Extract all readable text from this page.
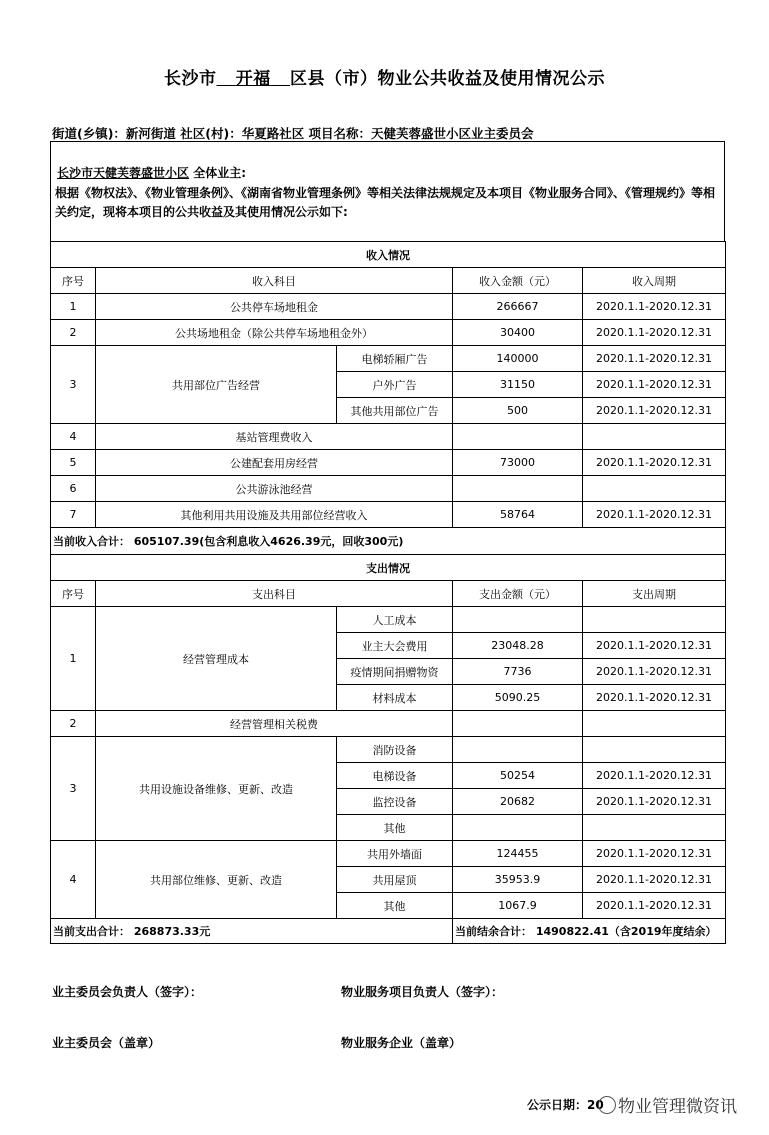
长沙市 开福 区县（市）物业公共收益及使用情况公示
街道(乡镇)：新河街道 社区(村)：华夏路社区 项目名称：天健芙蓉盛世小区业主委员会
长沙市天健芙蓉盛世小区 全体业主:
根据《物权法》、《物业管理条例》、《湖南省物业管理条例》等相关法律法规规定及本项目《物业服务合同》、《管理规约》等相关约定，现将本项目的公共收益及其使用情况公示如下:
收入情况				
序号	收入科目		收入金额（元）	收入周期
1	公共停车场地租金		266667	2020.1.1-2020.12.31
2	公共场地租金（除公共停车场地租金外）		30400	2020.1.1-2020.12.31
3	共用部位广告经营	电梯轿厢广告	140000	2020.1.1-2020.12.31
		户外广告	31150	2020.1.1-2020.12.31
		其他共用部位广告	500	2020.1.1-2020.12.31
4	基站管理费收入			
5	公建配套用房经营		73000	2020.1.1-2020.12.31
6	公共游泳池经营			
7	其他利用共用设施及共用部位经营收入		58764	2020.1.1-2020.12.31
当前收入合计： 605107.39(包含利息收入4626.39元，回收300元)				
支出情况				
序号	支出科目		支出金额（元）	支出周期
1	经营管理成本	人工成本		
		业主大会费用	23048.28	2020.1.1-2020.12.31
		疫情期间捐赠物资	7736	2020.1.1-2020.12.31
		材料成本	5090.25	2020.1.1-2020.12.31
2	经营管理相关税费			
3	共用设施设备维修、更新、改造	消防设备		
		电梯设备	50254	2020.1.1-2020.12.31
		监控设备	20682	2020.1.1-2020.12.31
		其他		
4	共用部位维修、更新、改造	共用外墙面	124455	2020.1.1-2020.12.31
		共用屋顶	35953.9	2020.1.1-2020.12.31
		其他	1067.9	2020.1.1-2020.12.31
当前支出合计： 268873.33元			当前结余合计： 1490822.41（含2019年度结余）	
业主委员会负责人（签字）：	物业服务项目负责人（签字）：
业主委员会（盖章）	物业服务企业（盖章）
公示日期：20 物业管理微资讯
